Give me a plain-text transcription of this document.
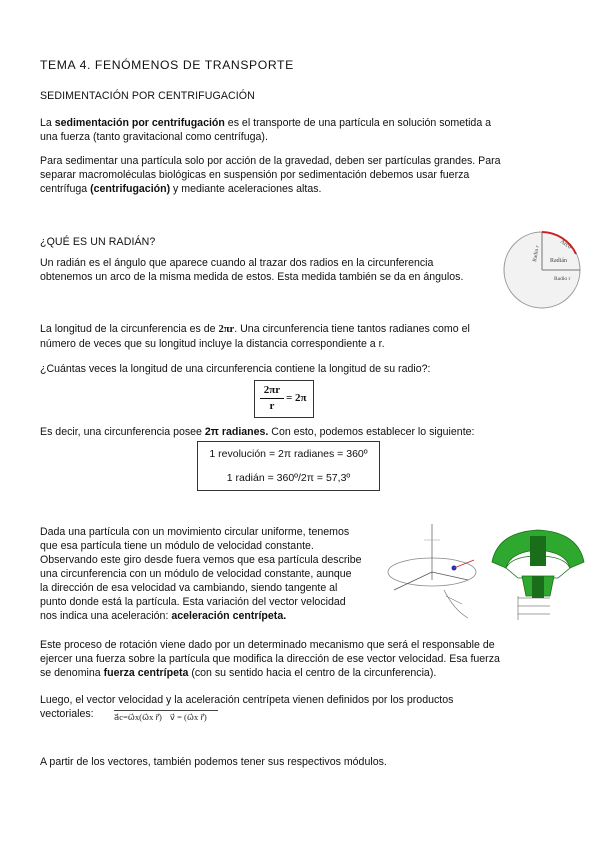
TEMA 4. FENÓMENOS DE TRANSPORTE
SEDIMENTACIÓN POR CENTRIFUGACIÓN
La sedimentación por centrifugación es el transporte de una partícula en solución sometida a
una fuerza (tanto gravitacional como centrífuga).
Para sedimentar una partícula solo por acción de la gravedad, deben ser partículas grandes. Para
separar macromoléculas biológicas en suspensión por sedimentación debemos usar fuerza
centrífuga (centrifugación) y mediante aceleraciones altas.
¿QUÉ ES UN RADIÁN?
Un radián es el ángulo que aparece cuando al trazar dos radios en la circunferencia
obtenemos un arco de la misma medida de estos. Esta medida también se da en ángulos.
Arco
Radio r Radián
Radio r
La longitud de la circunferencia es de 2πr. Una circunferencia tiene tantos radianes como el
número de veces que su longitud incluye la distancia correspondiente a r.
¿Cuántas veces la longitud de una circunferencia contiene la longitud de su radio?:
2πr
r
= 2π
Es decir, una circunferencia posee 2π radianes. Con esto, podemos establecer lo siguiente:
1 revolución = 2π radianes = 360º
1 radián = 360º/2π = 57,3º
Dada una partícula con un movimiento circular uniforme, tenemos
que esa partícula tiene un módulo de velocidad constante.
Observando este giro desde fuera vemos que esa partícula describe
una circunferencia con un módulo de velocidad constante, aunque
la dirección de esa velocidad va cambiando, siendo tangente al
punto donde está la partícula. Esta variación del vector velocidad
nos indica una aceleración: aceleración centrípeta.
Este proceso de rotación viene dado por un determinado mecanismo que será el responsable de
ejercer una fuerza sobre la partícula que modifica la dirección de ese vector velocidad. Esa fuerza
se denomina fuerza centrípeta (con su sentido hacia el centro de la circunferencia).
Luego, el vector velocidad y la aceleración centrípeta vienen definidos por los productos
vectoriales:	a⃗c=ω⃗x(ω⃗x r⃗) v⃗ = (ω⃗x r⃗)
A partir de los vectores, también podemos tener sus respectivos módulos.
